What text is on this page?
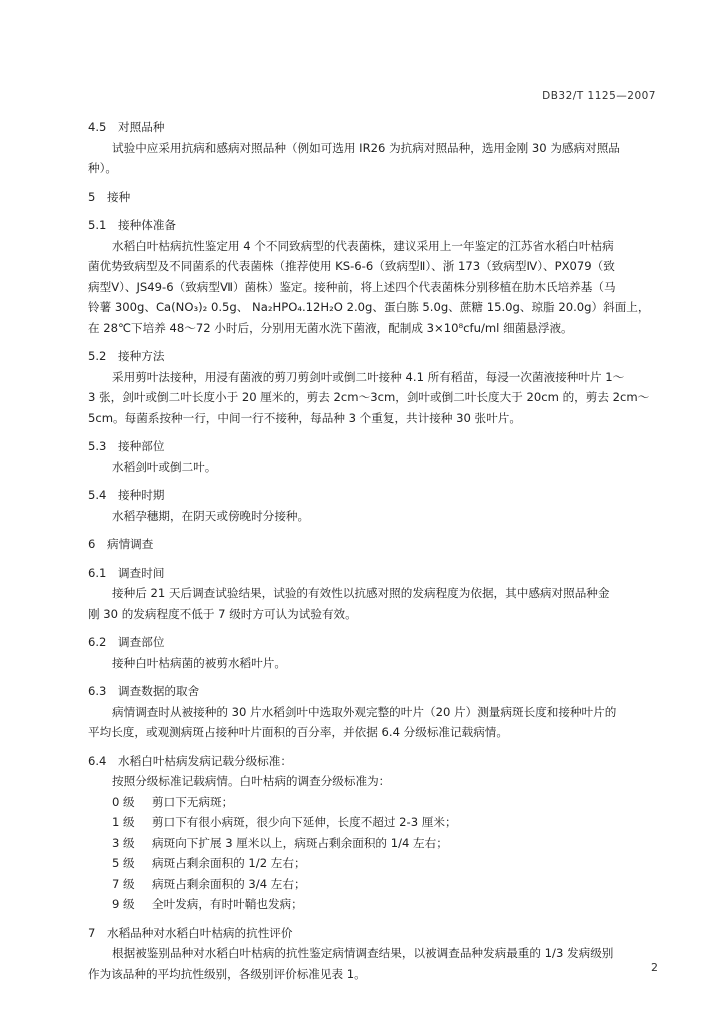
DB32/T 1125—2007
4.5　对照品种
试验中应采用抗病和感病对照品种（例如可选用 IR26 为抗病对照品种，选用金刚 30 为感病对照品
种）。
5　接种
5.1　接种体准备
水稻白叶枯病抗性鉴定用 4 个不同致病型的代表菌株，建议采用上一年鉴定的江苏省水稻白叶枯病
菌优势致病型及不同菌系的代表菌株（推荐使用 KS-6-6（致病型Ⅱ）、浙 173（致病型Ⅳ）、PX079（致
病型Ⅴ）、JS49-6（致病型Ⅶ）菌株）鉴定。接种前，将上述四个代表菌株分别移植在肋木氏培养基（马
铃薯 300g、Ca(NO₃)₂ 0.5g、 Na₂HPO₄.12H₂O 2.0g、蛋白胨 5.0g、蔗糖 15.0g、琼脂 20.0g）斜面上，
在 28℃下培养 48～72 小时后，分别用无菌水洗下菌液，配制成 3×10⁸cfu/ml 细菌悬浮液。
5.2　接种方法
采用剪叶法接种，用浸有菌液的剪刀剪剑叶或倒二叶接种 4.1 所有稻苗，每浸一次菌液接种叶片 1～
3 张，剑叶或倒二叶长度小于 20 厘米的，剪去 2cm～3cm，剑叶或倒二叶长度大于 20cm 的，剪去 2cm～
5cm。每菌系按种一行，中间一行不接种，每品种 3 个重复，共计接种 30 张叶片。
5.3　接种部位
水稻剑叶或倒二叶。
5.4　接种时期
水稻孕穗期，在阴天或傍晚时分接种。
6　病情调查
6.1　调查时间
接种后 21 天后调查试验结果，试验的有效性以抗感对照的发病程度为依据，其中感病对照品种金
刚 30 的发病程度不低于 7 级时方可认为试验有效。
6.2　调查部位
接种白叶枯病菌的被剪水稻叶片。
6.3　调查数据的取舍
病情调查时从被接种的 30 片水稻剑叶中选取外观完整的叶片（20 片）测量病斑长度和接种叶片的
平均长度，或观测病斑占接种叶片面积的百分率，并依据 6.4 分级标准记载病情。
6.4　水稻白叶枯病发病记载分级标准：
按照分级标准记载病情。白叶枯病的调查分级标准为：
0 级	剪口下无病斑；
1 级	剪口下有很小病斑，很少向下延伸，长度不超过 2-3 厘米；
3 级	病斑向下扩展 3 厘米以上，病斑占剩余面积的 1/4 左右；
5 级	病斑占剩余面积的 1/2 左右；
7 级	病斑占剩余面积的 3/4 左右；
9 级	全叶发病，有时叶鞘也发病；
7　水稻品种对水稻白叶枯病的抗性评价
根据被鉴别品种对水稻白叶枯病的抗性鉴定病情调查结果，以被调查品种发病最重的 1/3 发病级别
作为该品种的平均抗性级别，各级别评价标准见表 1。	2
